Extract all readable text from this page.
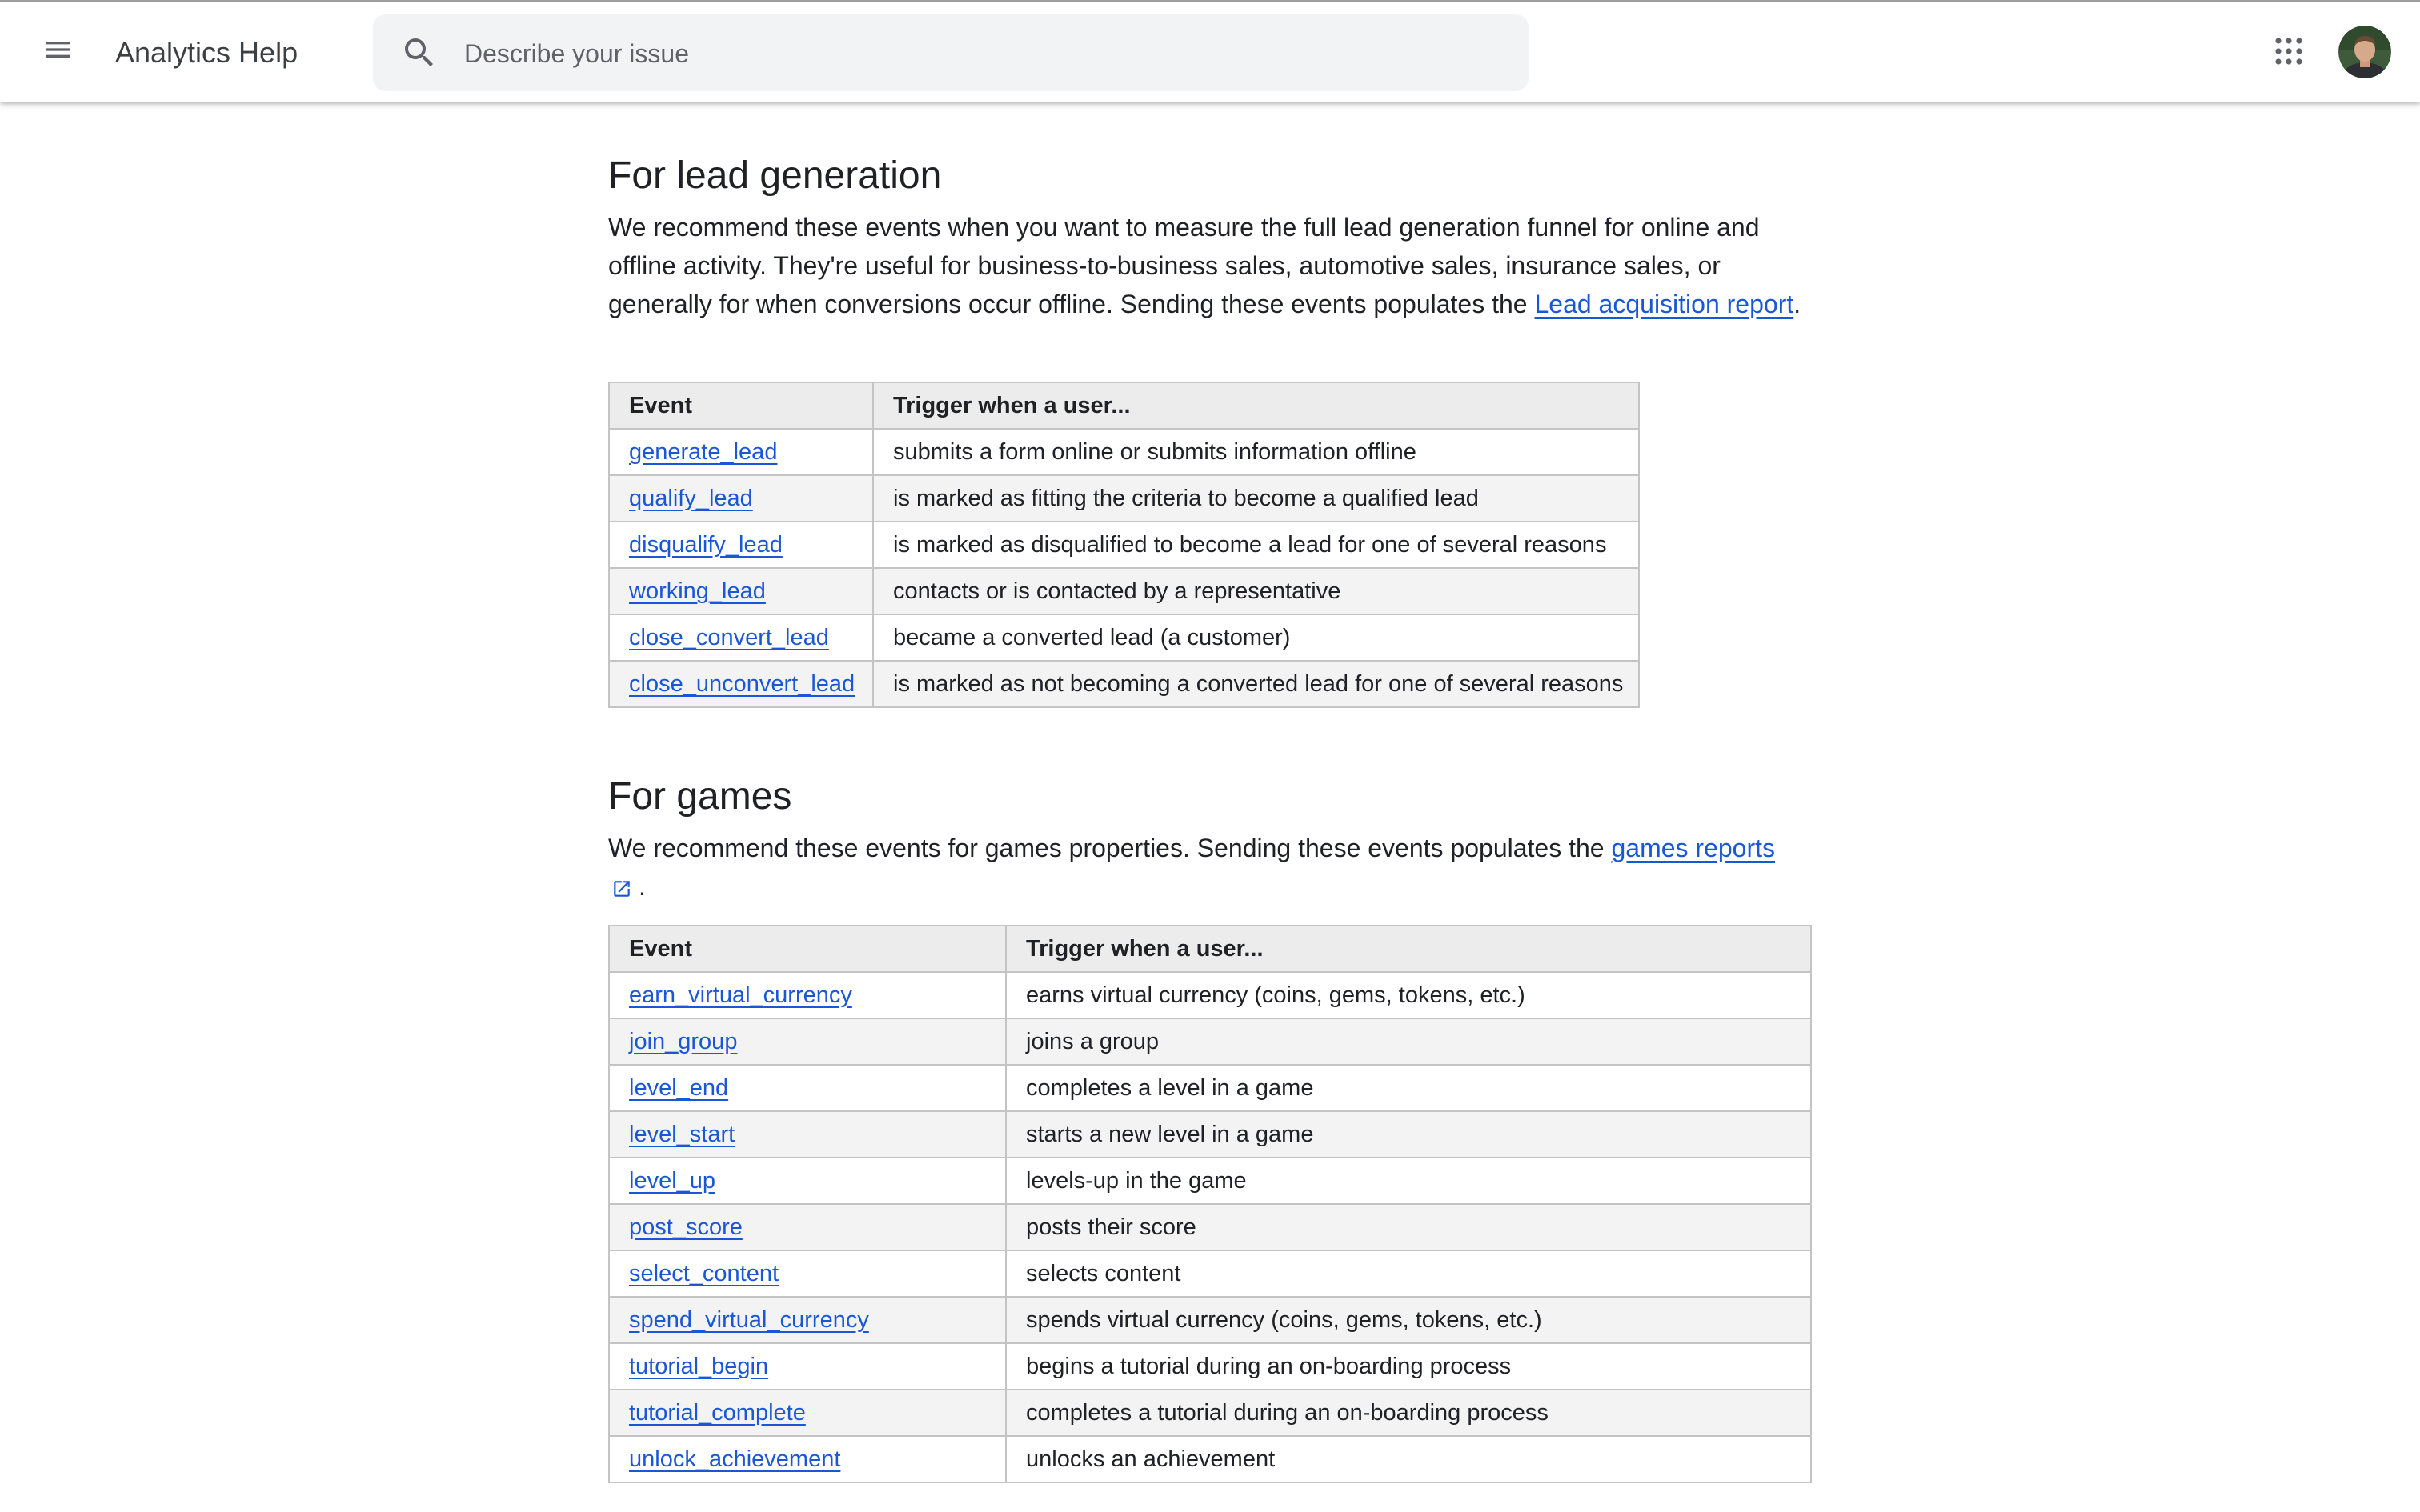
Analytics Help
Describe your issue
For lead generation

We recommend these events when you want to measure the full lead generation funnel for online and offline activity. They're useful for business-to-business sales, automotive sales, insurance sales, or generally for when conversions occur offline. Sending these events populates the Lead acquisition report.

Event	Trigger when a user...
generate_lead	submits a form online or submits information offline
qualify_lead	is marked as fitting the criteria to become a qualified lead
disqualify_lead	is marked as disqualified to become a lead for one of several reasons
working_lead	contacts or is contacted by a representative
close_convert_lead	became a converted lead (a customer)
close_unconvert_lead	is marked as not becoming a converted lead for one of several reasons
For games

We recommend these events for games properties. Sending these events populates the games reports
.

Event	Trigger when a user...
earn_virtual_currency	earns virtual currency (coins, gems, tokens, etc.)
join_group	joins a group
level_end	completes a level in a game
level_start	starts a new level in a game
level_up	levels-up in the game
post_score	posts their score
select_content	selects content
spend_virtual_currency	spends virtual currency (coins, gems, tokens, etc.)
tutorial_begin	begins a tutorial during an on-boarding process
tutorial_complete	completes a tutorial during an on-boarding process
unlock_achievement	unlocks an achievement
